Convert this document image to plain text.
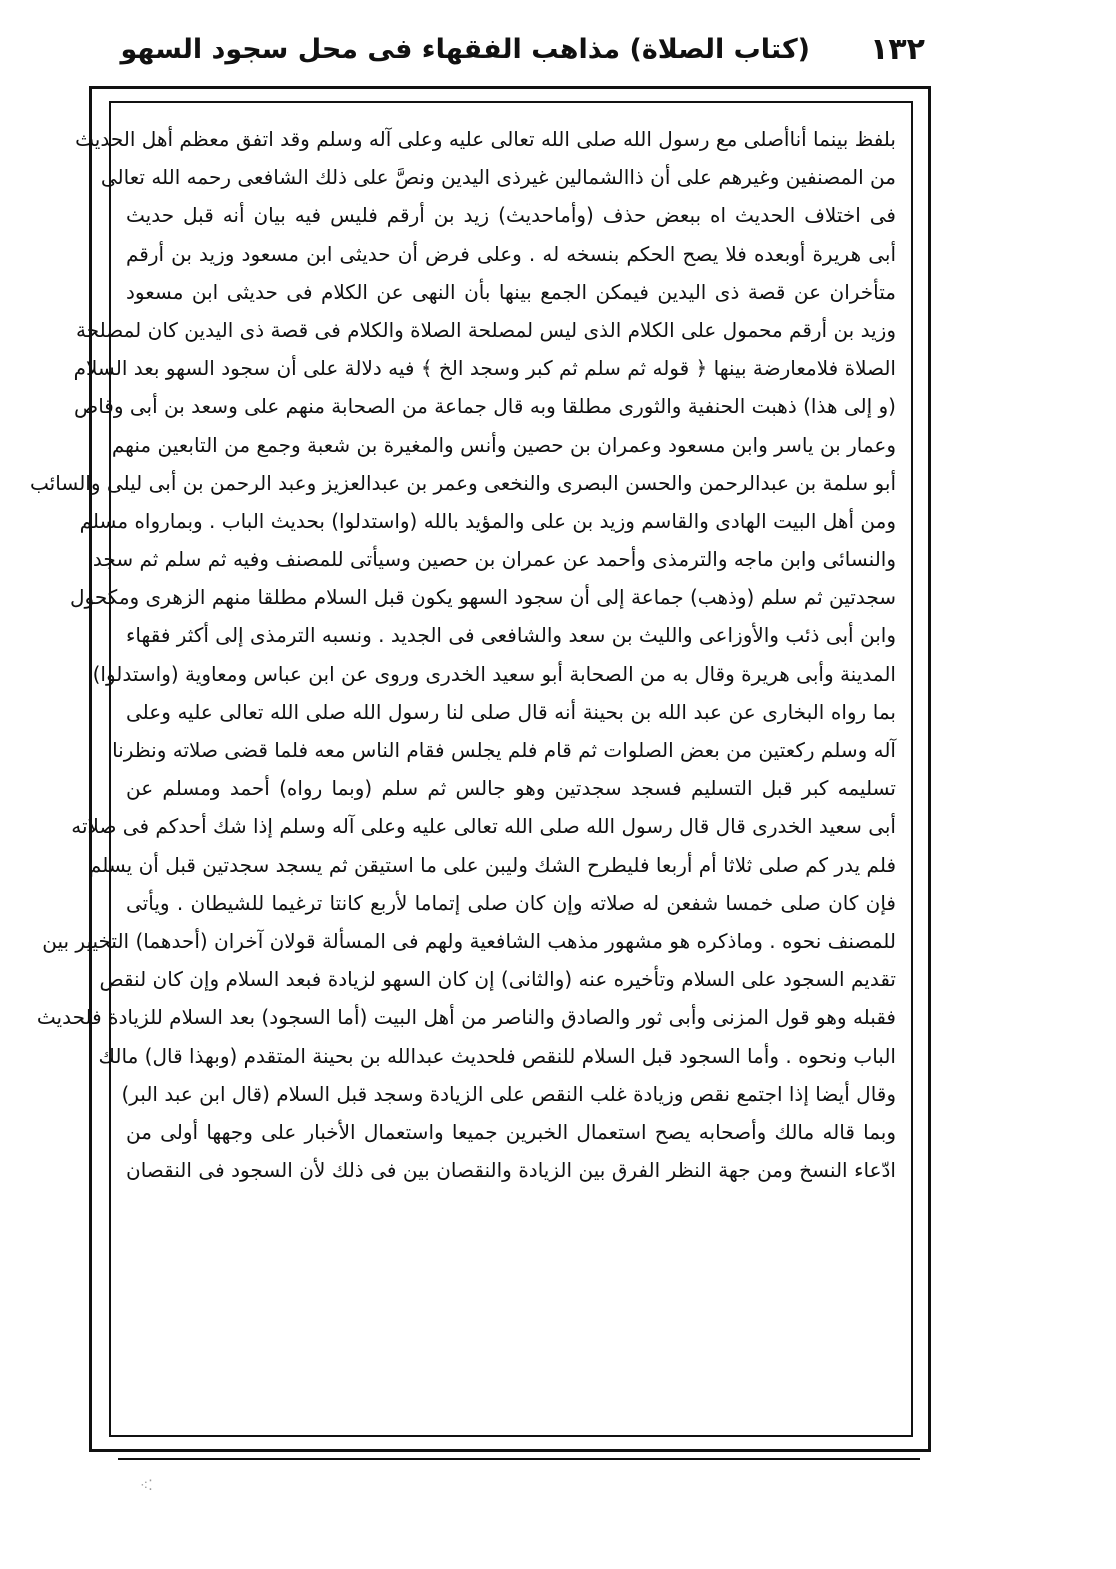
١٣٢
(كتاب الصلاة) مذاهب الفقهاء فى محل سجود السهو
بلفظ بينما أناأصلى مع رسول الله صلى الله تعالى عليه وعلى آله وسلم وقد اتفق معظم أهل الحديث
من المصنفين وغيرهم على أن ذاالشمالين غيرذى اليدين ونصَّ على ذلك الشافعى رحمه الله تعالى
فى اختلاف الحديث اه ببعض حذف (وأماحديث) زيد بن أرقم فليس فيه بيان أنه قبل حديث
أبى هريرة أوبعده فلا يصح الحكم بنسخه له . وعلى فرض أن حديثى ابن مسعود وزيد بن أرقم
متأخران عن قصة ذى اليدين فيمكن الجمع بينها بأن النهى عن الكلام فى حديثى ابن مسعود
وزيد بن أرقم محمول على الكلام الذى ليس لمصلحة الصلاة والكلام فى قصة ذى اليدين كان لمصلحة
الصلاة فلامعارضة بينها ﴿ قوله ثم سلم ثم كبر وسجد الخ ﴾ فيه دلالة على أن سجود السهو بعد السلام
(و إلى هذا) ذهبت الحنفية والثورى مطلقا وبه قال جماعة من الصحابة منهم على وسعد بن أبى وقاص
وعمار بن ياسر وابن مسعود وعمران بن حصين وأنس والمغيرة بن شعبة وجمع من التابعين منهم
أبو سلمة بن عبدالرحمن والحسن البصرى والنخعى وعمر بن عبدالعزيز وعبد الرحمن بن أبى ليلى والسائب
ومن أهل البيت الهادى والقاسم وزيد بن على والمؤيد بالله (واستدلوا) بحديث الباب . وبمارواه مسلم
والنسائى وابن ماجه والترمذى وأحمد عن عمران بن حصين وسيأتى للمصنف وفيه ثم سلم ثم سجد
سجدتين ثم سلم (وذهب) جماعة إلى أن سجود السهو يكون قبل السلام مطلقا منهم الزهرى ومكحول
وابن أبى ذئب والأوزاعى والليث بن سعد والشافعى فى الجديد . ونسبه الترمذى إلى أكثر فقهاء
المدينة وأبى هريرة وقال به من الصحابة أبو سعيد الخدرى وروى عن ابن عباس ومعاوية (واستدلوا)
بما رواه البخارى عن عبد الله بن بحينة أنه قال صلى لنا رسول الله صلى الله تعالى عليه وعلى
آله وسلم ركعتين من بعض الصلوات ثم قام فلم يجلس فقام الناس معه فلما قضى صلاته ونظرنا
تسليمه كبر قبل التسليم فسجد سجدتين وهو جالس ثم سلم (وبما رواه) أحمد ومسلم عن
أبى سعيد الخدرى قال قال رسول الله صلى الله تعالى عليه وعلى آله وسلم إذا شك أحدكم فى صلاته
فلم يدر كم صلى ثلاثا أم أربعا فليطرح الشك وليبن على ما استيقن ثم يسجد سجدتين قبل أن يسلم
فإن كان صلى خمسا شفعن له صلاته وإن كان صلى إتماما لأربع كانتا ترغيما للشيطان . ويأتى
للمصنف نحوه . وماذكره هو مشهور مذهب الشافعية ولهم فى المسألة قولان آخران (أحدهما) التخيير بين
تقديم السجود على السلام وتأخيره عنه (والثانى) إن كان السهو لزيادة فبعد السلام وإن كان لنقص
فقبله وهو قول المزنى وأبى ثور والصادق والناصر من أهل البيت (أما السجود) بعد السلام للزيادة فلحديث
الباب ونحوه . وأما السجود قبل السلام للنقص فلحديث عبدالله بن بحينة المتقدم (وبهذا قال) مالك
وقال أيضا إذا اجتمع نقص وزيادة غلب النقص على الزيادة وسجد قبل السلام (قال ابن عبد البر)
وبما قاله مالك وأصحابه يصح استعمال الخبرين جميعا واستعمال الأخبار على وجهها أولى من
ادّعاء النسخ ومن جهة النظر الفرق بين الزيادة والنقصان بين فى ذلك لأن السجود فى النقصان
⁖⁚
